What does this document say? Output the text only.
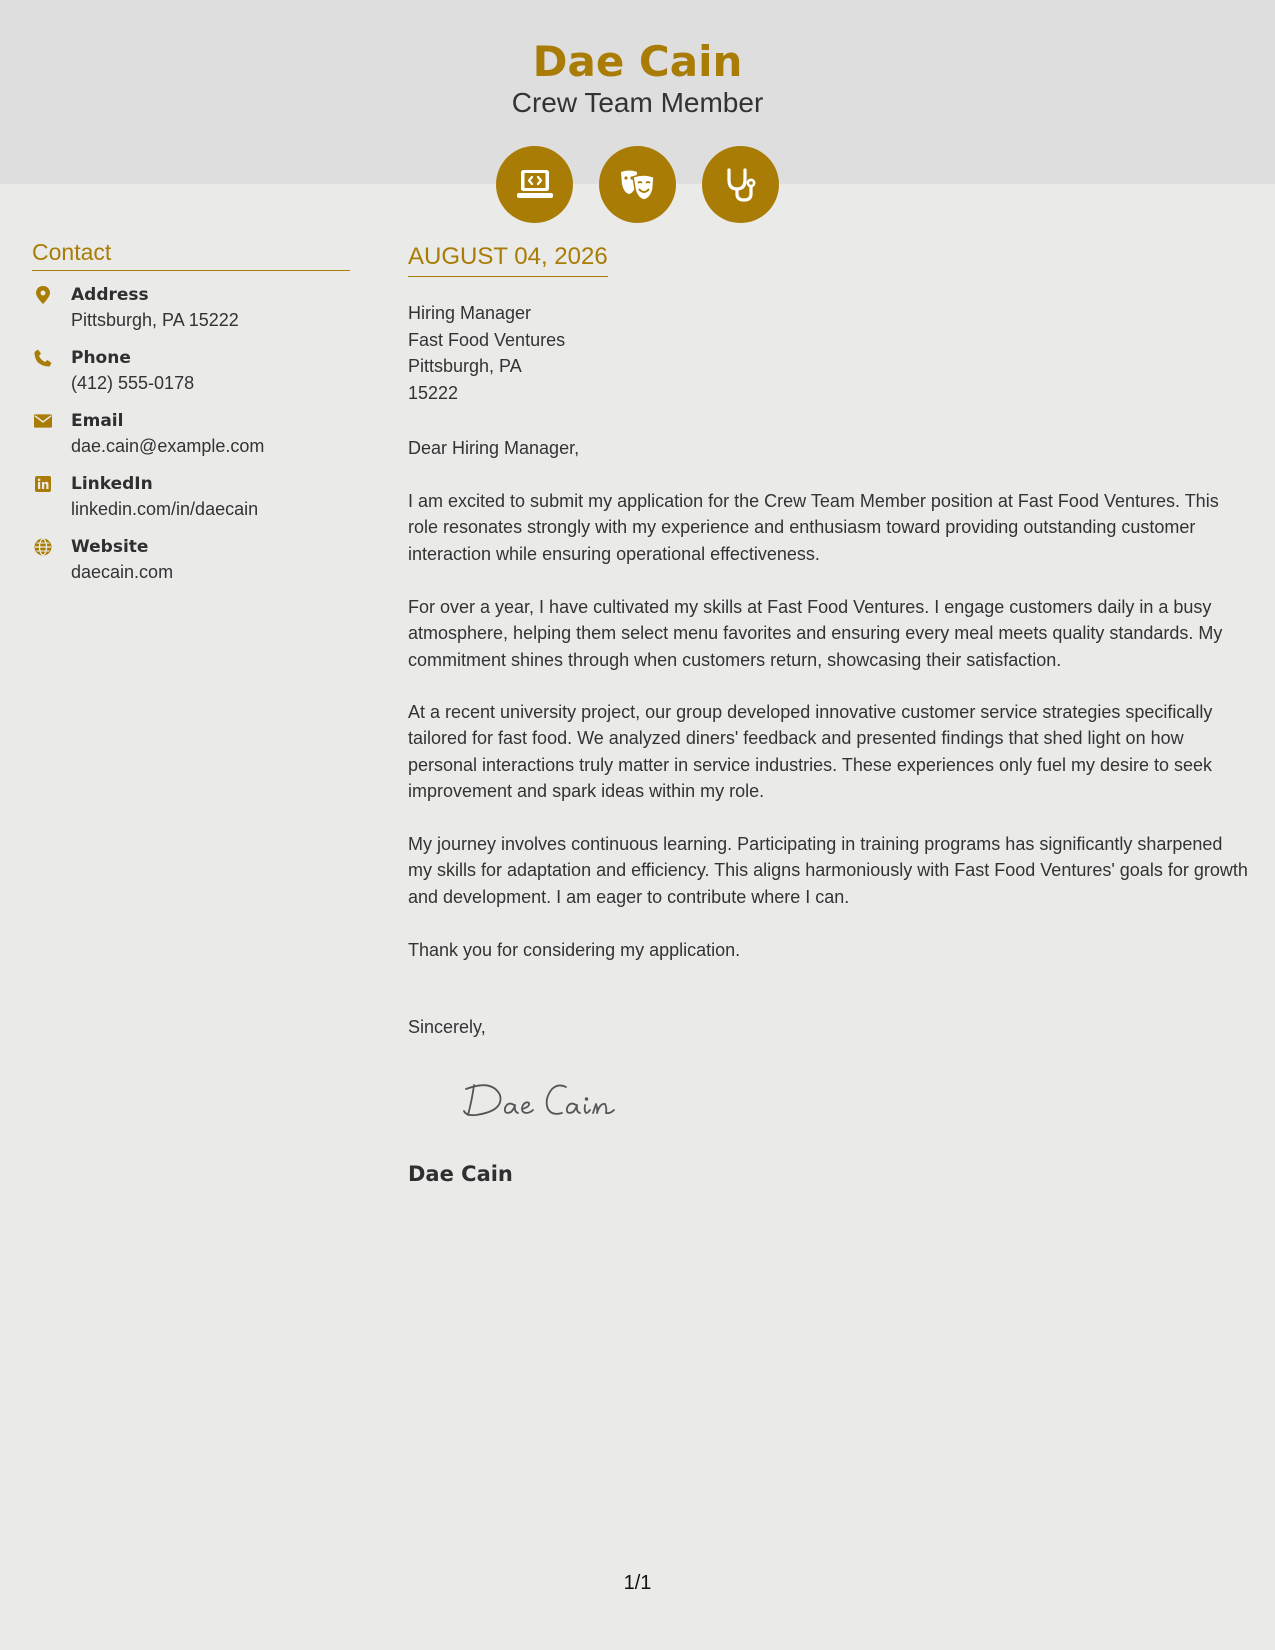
Dae Cain
Crew Team Member
Contact
Address
Pittsburgh, PA 15222
Phone
(412) 555-0178
Email
dae.cain@example.com
LinkedIn
linkedin.com/in/daecain
Website
daecain.com
AUGUST 04, 2026
Hiring Manager
Fast Food Ventures
Pittsburgh, PA
15222

Dear Hiring Manager,

I am excited to submit my application for the Crew Team Member position at Fast Food Ventures. This role resonates strongly with my experience and enthusiasm toward providing outstanding customer interaction while ensuring operational effectiveness.

For over a year, I have cultivated my skills at Fast Food Ventures. I engage customers daily in a busy atmosphere, helping them select menu favorites and ensuring every meal meets quality standards. My commitment shines through when customers return, showcasing their satisfaction.

At a recent university project, our group developed innovative customer service strategies specifically tailored for fast food. We analyzed diners' feedback and presented findings that shed light on how personal interactions truly matter in service industries. These experiences only fuel my desire to seek improvement and spark ideas within my role.

My journey involves continuous learning. Participating in training programs has significantly sharpened my skills for adaptation and efficiency. This aligns harmoniously with Fast Food Ventures' goals for growth and development. I am eager to contribute where I can.

Thank you for considering my application.

Sincerely,

Dae Cain
1/1
